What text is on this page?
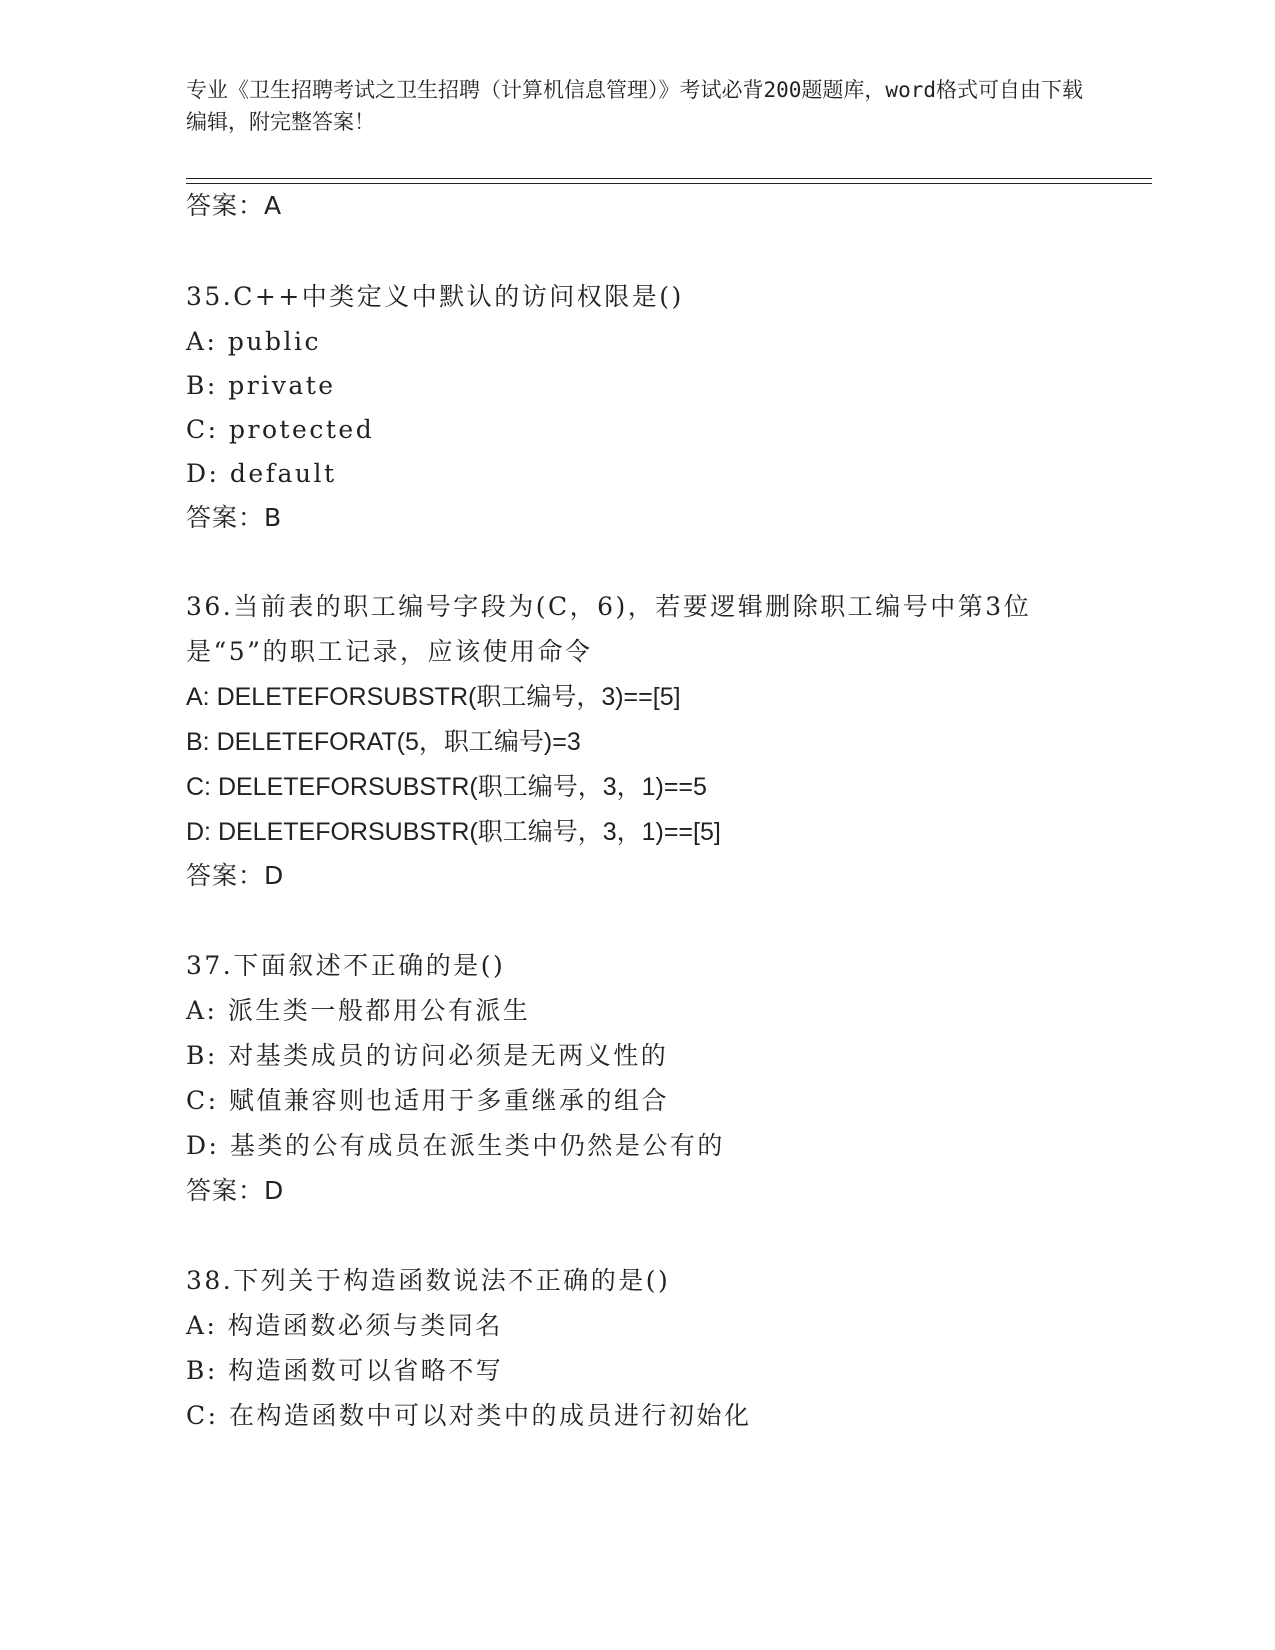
专业《卫生招聘考试之卫生招聘（计算机信息管理）》考试必背200题题库，word格式可自由下载编辑，附完整答案！
答案：A
35.C++中类定义中默认的访问权限是()
A: public
B: private
C: protected
D: default
答案：B
36.当前表的职工编号字段为(C，6)，若要逻辑删除职工编号中第3位
是“5”的职工记录，应该使用命令
A: DELETEFORSUBSTR(职工编号，3)==[5]
B: DELETEFORAT(5，职工编号)=3
C: DELETEFORSUBSTR(职工编号，3，1)==5
D: DELETEFORSUBSTR(职工编号，3，1)==[5]
答案：D
37.下面叙述不正确的是()
A: 派生类一般都用公有派生
B: 对基类成员的访问必须是无两义性的
C: 赋值兼容则也适用于多重继承的组合
D: 基类的公有成员在派生类中仍然是公有的
答案：D
38.下列关于构造函数说法不正确的是()
A: 构造函数必须与类同名
B: 构造函数可以省略不写
C: 在构造函数中可以对类中的成员进行初始化
